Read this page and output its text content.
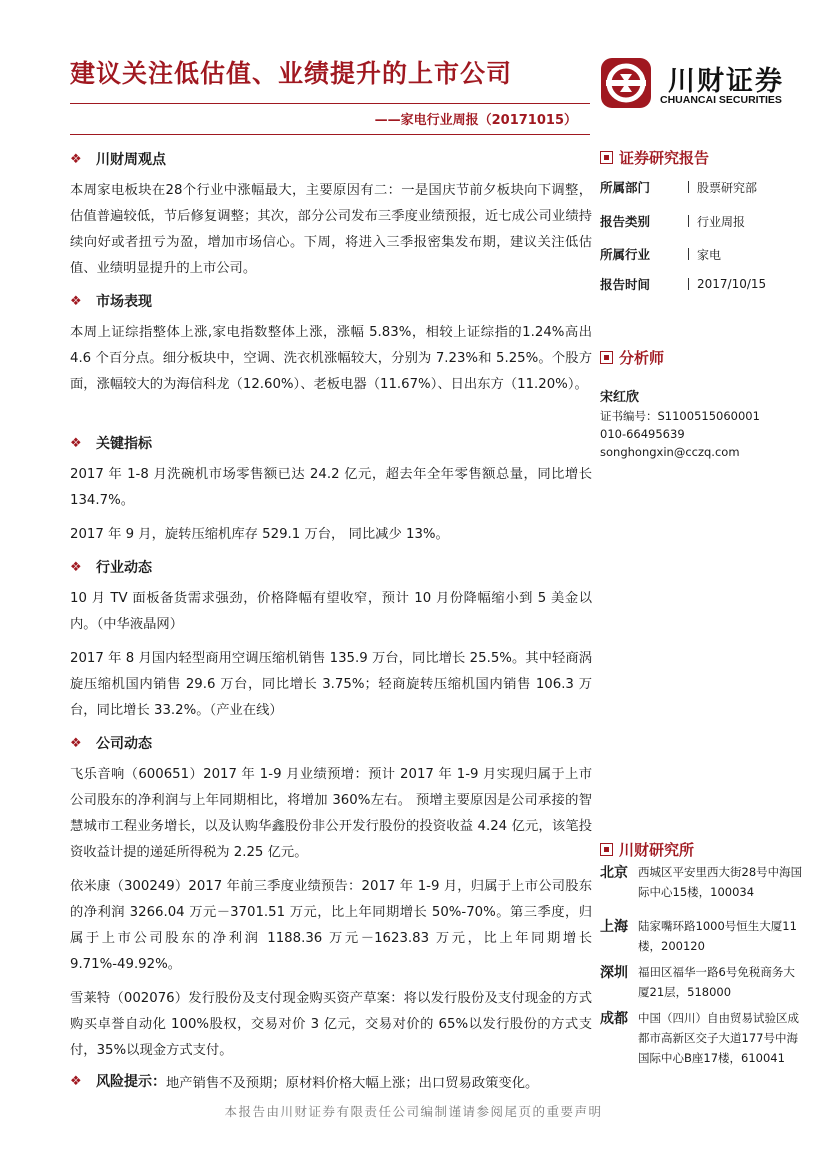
建议关注低估值、业绩提升的上市公司
——家电行业周报（20171015）
川财证券
CHUANCAI SECURITIES
❖	川财周观点

本周家电板块在28个行业中涨幅最大，主要原因有二：一是国庆节前夕板块向下调整，估值普遍较低，节后修复调整；其次，部分公司发布三季度业绩预报，近七成公司业绩持续向好或者扭亏为盈，增加市场信心。下周，将进入三季报密集发布期，建议关注低估值、业绩明显提升的上市公司。

❖	市场表现

本周上证综指整体上涨,家电指数整体上涨，涨幅 5.83%，相较上证综指的1.24%高出 4.6 个百分点。细分板块中，空调、洗衣机涨幅较大，分别为 7.23%和 5.25%。个股方面，涨幅较大的为海信科龙（12.60%）、老板电器（11.67%）、日出东方（11.20%）。

❖	关键指标

2017 年 1-8 月洗碗机市场零售额已达 24.2 亿元，超去年全年零售额总量，同比增长 134.7%。

2017 年 9 月，旋转压缩机库存 529.1 万台， 同比减少 13%。

❖	行业动态

10 月 TV 面板备货需求强劲，价格降幅有望收窄，预计 10 月份降幅缩小到 5 美金以内。（中华液晶网）

2017 年 8 月国内轻型商用空调压缩机销售 135.9 万台，同比增长 25.5%。其中轻商涡旋压缩机国内销售 29.6 万台，同比增长 3.75%；轻商旋转压缩机国内销售 106.3 万台，同比增长 33.2%。（产业在线）

❖	公司动态

飞乐音响（600651）2017 年 1-9 月业绩预增：预计 2017 年 1-9 月实现归属于上市公司股东的净利润与上年同期相比，将增加 360%左右。 预增主要原因是公司承接的智慧城市工程业务增长，以及认购华鑫股份非公开发行股份的投资收益 4.24 亿元，该笔投资收益计提的递延所得税为 2.25 亿元。

依米康（300249）2017 年前三季度业绩预告：2017 年 1-9 月，归属于上市公司股东的净利润 3266.04 万元－3701.51 万元，比上年同期增长 50%-70%。第三季度，归属于上市公司股东的净利润 1188.36 万元－1623.83 万元，比上年同期增长 9.71%-49.92%。

雪莱特（002076）发行股份及支付现金购买资产草案：将以发行股份及支付现金的方式购买卓誉自动化 100%股权，交易对价 3 亿元，交易对价的 65%以发行股份的方式支付，35%以现金方式支付。

❖	风险提示： 地产销售不及预期；原材料价格大幅上涨；出口贸易政策变化。
证券研究报告
所属部门	股票研究部
报告类别	行业周报
所属行业	家电
报告时间	2017/10/15
分析师
宋红欣
证书编号：S1100515060001
010-66495639
songhongxin@cczq.com
川财研究所
北京 西城区平安里西大街28号中海国际中心15楼，100034
上海 陆家嘴环路1000号恒生大厦11楼，200120
深圳 福田区福华一路6号免税商务大厦21层，518000
成都 中国（四川）自由贸易试验区成都市高新区交子大道177号中海国际中心B座17楼，610041
本报告由川财证券有限责任公司编制谨请参阅尾页的重要声明
